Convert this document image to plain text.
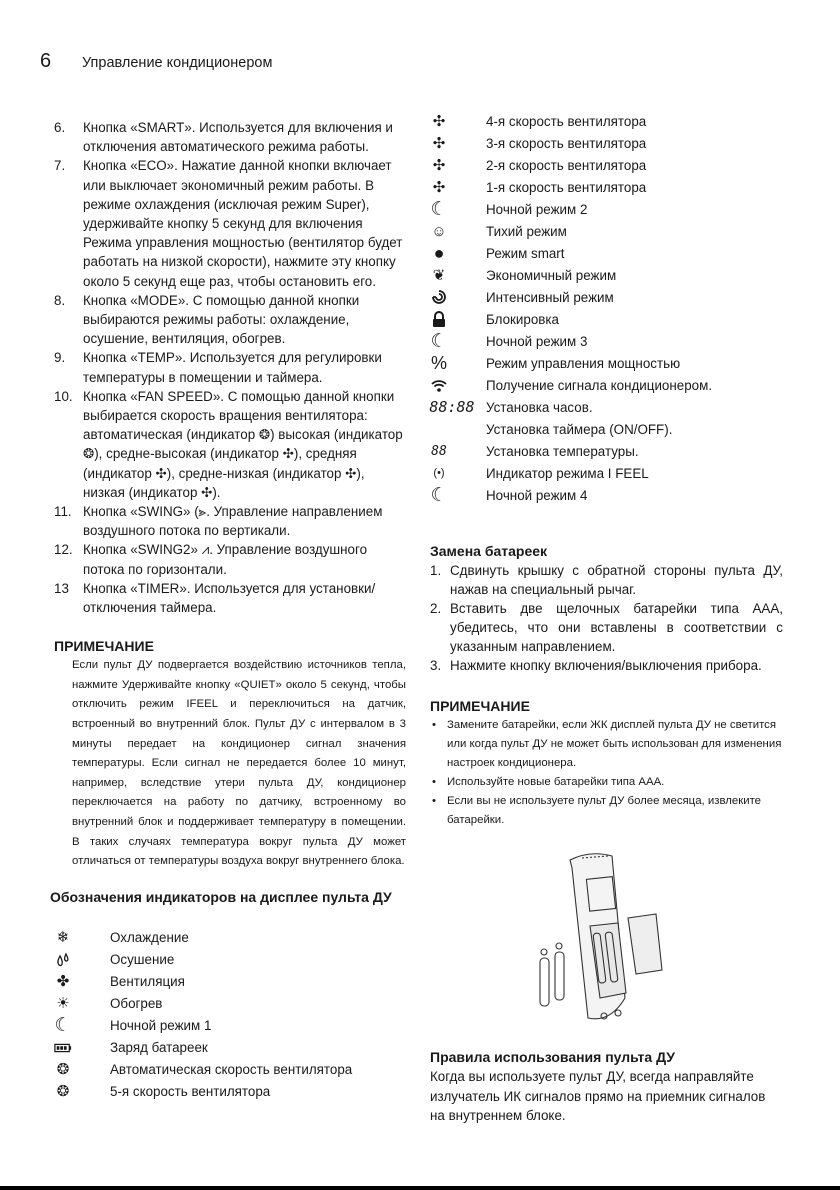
6 Управление кондиционером
6. Кнопка «SMART». Используется для включения и отключения автоматического режима работы.
7. Кнопка «ECO». Нажатие данной кнопки включает или выключает экономичный режим работы. В режиме охлаждения (исключая режим Super), удерживайте кнопку 5 секунд для включения Режима управления мощностью (вентилятор будет работать на низкой скорости), нажмите эту кнопку около 5 секунд еще раз, чтобы остановить его.
8. Кнопка «MODE». С помощью данной кнопки выбираются режимы работы: охлаждение, осушение, вентиляция, обогрев.
9. Кнопка «TEMP». Используется для регулировки температуры в помещении и таймера.
10. Кнопка «FAN SPEED». С помощью данной кнопки выбирается скорость вращения вентилятора: автоматическая (индикатор ❂) высокая (индикатор ❂), средне-высокая (индикатор ✣), средняя (индикатор ✣), средне-низкая (индикатор ✣), низкая (индикатор ✣).
11. Кнопка «SWING» (⪢. Управление направлением воздушного потока по вертикали.
12. Кнопка «SWING2» ⩘. Управление воздушного потока по горизонтали.
13 Кнопка «TIMER». Используется для установки/отключения таймера.
ПРИМЕЧАНИЕ
Если пульт ДУ подвергается воздействию источников тепла, нажмите Удерживайте кнопку «QUIET» около 5 секунд, чтобы отключить режим IFEEL и переключиться на датчик, встроенный во внутренний блок. Пульт ДУ с интервалом в 3 минуты передает на кондиционер сигнал значения температуры. Если сигнал не передается более 10 минут, например, вследствие утери пульта ДУ, кондиционер переключается на работу по датчику, встроенному во внутренний блок и поддерживает температуру в помещении. В таких случаях температура вокруг пульта ДУ может отличаться от температуры воздуха вокруг внутреннего блока.
Обозначения индикаторов на дисплее пульта ДУ
❄	Охлаждение
Осушение
✤	Вентиляция
☀	Обогрев
☾	Ночной режим 1
Заряд батареек
❂	Автоматическая скорость вентилятора
❂	5-я скорость вентилятора
✣	4-я скорость вентилятора
✣	3-я скорость вентилятора
✣	2-я скорость вентилятора
✣	1-я скорость вентилятора
☾	Ночной режим 2
☺	Тихий режим
●	Режим smart
❦	Экономичный режим
Интенсивный режим
Блокировка
☾	Ночной режим 3
%	Режим управления мощностью
Получение сигнала кондиционером.
88:88 Установка часов.
Установка таймера (ON/OFF).
88	Установка температуры.
(•)	Индикатор режима I FEEL
☾	Ночной режим 4
Замена батареек
1. Сдвинуть крышку с обратной стороны пульта ДУ, нажав на специальный рычаг.
2. Вставить две щелочных батарейки типа ААА, убедитесь, что они вставлены в соответствии с указанным направлением.
3. Нажмите кнопку включения/выключения прибора.
ПРИМЕЧАНИЕ
• Замените батарейки, если ЖК дисплей пульта ДУ не светится или когда пульт ДУ не может быть использован для изменения настроек кондиционера.
• Используйте новые батарейки типа ААА.
• Если вы не используете пульт ДУ более месяца, извлеките батарейки.
Правила использования пульта ДУ
Когда вы используете пульт ДУ, всегда направляйте излучатель ИК сигналов прямо на приемник сигналов на внутреннем блоке.
